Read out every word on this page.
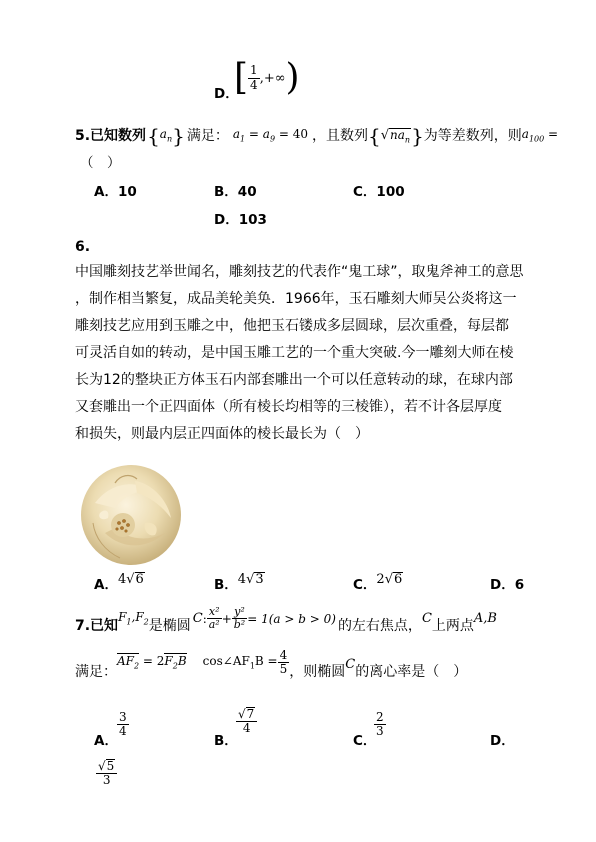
D．
[ $\frac{1}{4}$ ,+∞ )
5.已知数列 { $a_n$ } 满足： $a_1 = a_9 = 40$ ，且数列 { $√na_n$ } 为等差数列，则 $a_{100}$ =
（　）
A．10	B．40	C．100
D．103
6.
中国雕刻技艺举世闻名，雕刻技艺的代表作“鬼工球”，取鬼斧神工的意思
，制作相当繁复，成品美轮美奂．1966年，玉石雕刻大师吴公炎将这一
雕刻技艺应用到玉雕之中，他把玉石镂成多层圆球，层次重叠，每层都
可灵活自如的转动，是中国玉雕工艺的一个重大突破.今一雕刻大师在棱
长为12的整块正方体玉石内部套雕出一个可以任意转动的球，在球内部
又套雕出一个正四面体（所有棱长均相等的三棱锥），若不计各层厚度
和损失，则最内层正四面体的棱长最长为（　）
A． 4√6	B． 4√3	C． 2√6	D．6
7.已知
$F_1,F_2$ 是椭圆 C : $\frac{\text{x²}}{\text{a²}} + \frac{\text{y²}}{\text{b²}} = 1(a > b > 0)$ 的左右焦点， C 上两点 A,B
满足：
$AF_2 = 2F_2B$ $\cos\angle AF_1B = \frac{4}{5}$ ，则椭圆 C 的离心率是（　）
A．
$\frac{3}{4}$
B．
$\frac{√7}{4}$
C．
$\frac{2}{3}$
D．
$\frac{√5}{3}$
